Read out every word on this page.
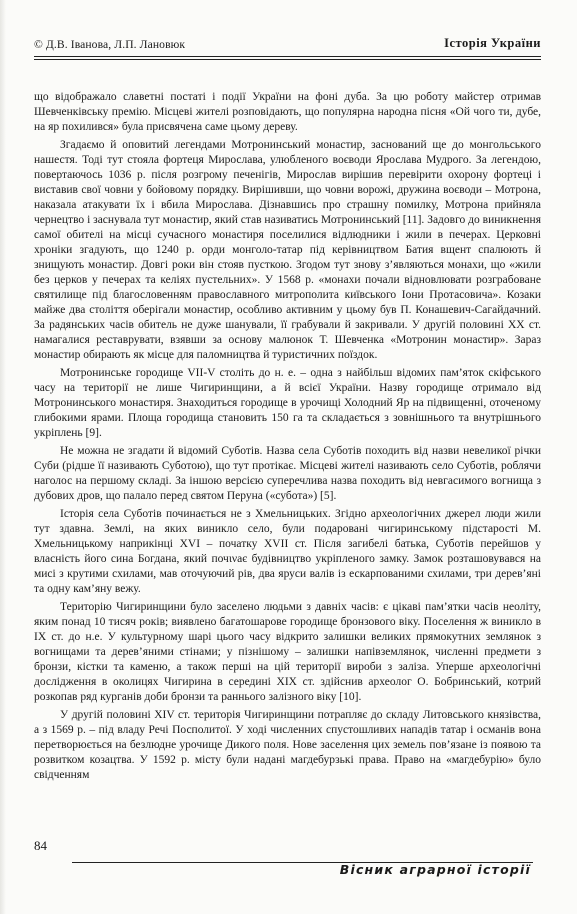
© Д.В. Іванова, Л.П. Лановюк	Історія України

що відображало славетні постаті і події України на фоні дуба. За цю роботу майстер отримав Шевченківську премію. Місцеві жителі розповідають, що популярна народна пісня «Ой чого ти, дубе, на яр похилився» була присвячена саме цьому дереву.

Згадаємо й оповитий легендами Мотронинський монастир, заснований ще до монгольського нашестя. Тоді тут стояла фортеця Мирослава, улюбленого воєводи Ярослава Мудрого. За легендою, повертаючось 1036 р. після розгрому печенігів, Мирослав вирішив перевірити охорону фортеці і виставив свої човни у бойовому порядку. Вирішивши, що човни ворожі, дружина воєводи – Мотрона, наказала атакувати їх і вбила Мирослава. Дізнавшись про страшну помилку, Мотрона прийняла чернецтво і заснувала тут монастир, який став називатись Мотронинський [11]. Задовго до виникнення самої обителі на місці сучасного монастиря поселилися відлюдники і жили в печерах. Церковні хроніки згадують, що 1240 р. орди монголо-татар під керівництвом Батия вщент спалюють й знищують монастир. Довгі роки він стояв пусткою. Згодом тут знову з’являються монахи, що «жили без церков у печерах та келіях пустельних». У 1568 р. «монахи почали відновлювати розграбоване святилище під благословенням православного митрополита київського Іони Протасовича». Козаки майже два століття оберігали монастир, особливо активним у цьому був П. Конашевич-Сагайдачний. За радянських часів обитель не дуже шанували, її грабували й закривали. У другій половині ХХ ст. намагалися реставрувати, взявши за основу малюнок Т. Шевченка «Мотронин монастир». Зараз монастир обирають як місце для паломництва й туристичних поїздок.

Мотронинське городище VII-V століть до н. е. – одна з найбільш відомих пам’яток скіфського часу на території не лише Чигиринщини, а й всієї України. Назву городище отримало від Мотронинського монастиря. Знаходиться городище в урочищі Холодний Яр на підвищенні, оточеному глибокими ярами. Площа городища становить 150 га та складається з зовнішнього та внутрішнього укріплень [9].

Не можна не згадати й відомий Суботів. Назва села Суботів походить від назви невеликої річки Суби (рідше її називають Суботою), що тут протікає. Місцеві жителі називають село Суботів, роблячи наголос на першому складі. За іншою версією суперечлива назва походить від невгасимого вогнища з дубових дров, що палало перед святом Перуна («субота») [5].

Історія села Суботів починається не з Хмельницьких. Згідно археологічних джерел люди жили тут здавна. Землі, на яких виникло село, були подаровані чигиринському підстарості М. Хмельницькому наприкінці XVI – початку XVII ст. Після загибелі батька, Суботів перейшов у власність його сина Богдана, який почινає будівництво укріпленого замку. Замок розташовувався на мисі з крутими схилами, мав оточуючий рів, два яруси валів із ескарпованими схилами, три дерев’яні та одну кам’яну вежу.

Територію Чигиринщини було заселено людьми з давніх часів: є цікаві пам’ятки часів неоліту, яким понад 10 тисяч років; виявлено багатошарове городище бронзового віку. Поселення ж виникло в IX ст. до н.е. У культурному шарі цього часу відкрито залишки великих прямокутних землянок з вогнищами та дерев’яними стінами; у пізнішому – залишки напівземлянок, численні предмети з бронзи, кістки та каменю, а також перші на цій території вироби з заліза. Уперше археологічні дослідження в околицях Чигирина в середині XIX ст. здійснив археолог О. Бобринський, котрий розкопав ряд курганів доби бронзи та раннього залізного віку [10].

У другій половині XIV ст. територія Чигиринщини потрапляє до складу Литовського князівства, а з 1569 р. – під владу Речі Посполитої. У ході численних спустошливих нападів татар і османів вона перетворюється на безлюдне урочище Дикого поля. Нове заселення цих земель пов’язане із появою та розвитком козацтва. У 1592 р. місту були надані магдебурзькі права. Право на «магдебурію» було свідченням

84
Вісник аграрної історії
